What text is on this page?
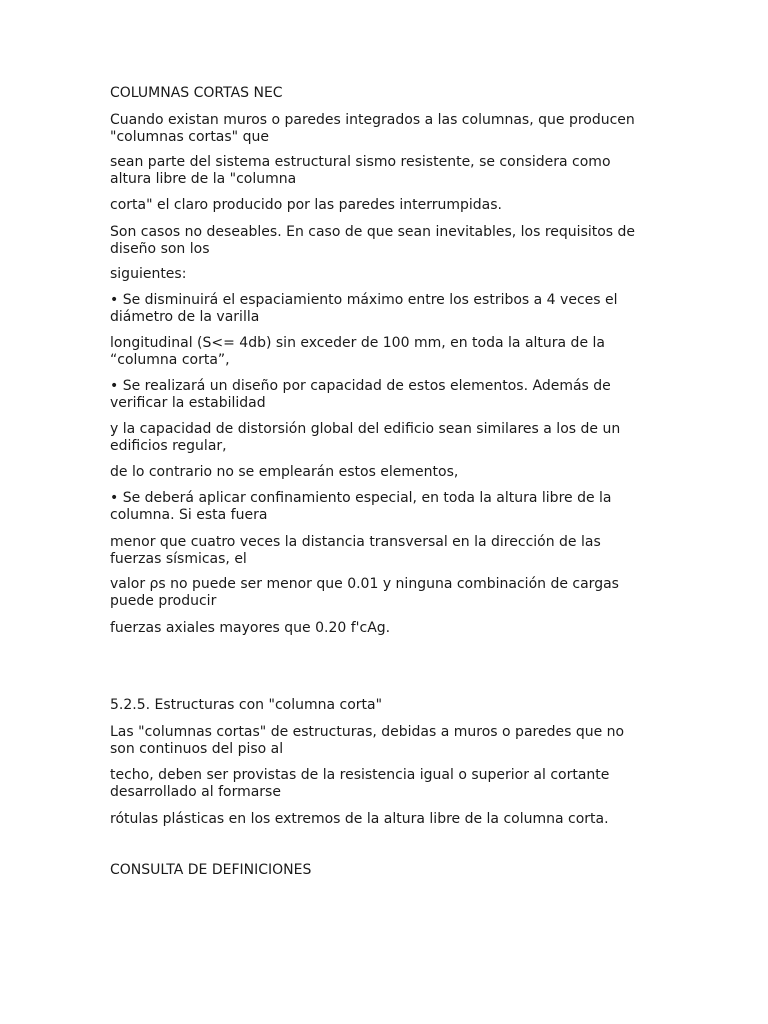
COLUMNAS CORTAS NEC

Cuando existan muros o paredes integrados a las columnas, que producen "columnas cortas" que

sean parte del sistema estructural sismo resistente, se considera como altura libre de la "columna

corta" el claro producido por las paredes interrumpidas.

Son casos no deseables. En caso de que sean inevitables, los requisitos de diseño son los

siguientes:

• Se disminuirá el espaciamiento máximo entre los estribos a 4 veces el diámetro de la varilla

longitudinal (S<= 4db) sin exceder de 100 mm, en toda la altura de la “columna corta”,

• Se realizará un diseño por capacidad de estos elementos. Además de verificar la estabilidad

y la capacidad de distorsión global del edificio sean similares a los de un edificios regular,

de lo contrario no se emplearán estos elementos,

• Se deberá aplicar confinamiento especial, en toda la altura libre de la columna. Si esta fuera

menor que cuatro veces la distancia transversal en la dirección de las fuerzas sísmicas, el

valor ρs no puede ser menor que 0.01 y ninguna combinación de cargas puede producir

fuerzas axiales mayores que 0.20 f'cAg.

5.2.5. Estructuras con "columna corta"

Las "columnas cortas" de estructuras, debidas a muros o paredes que no son continuos del piso al

techo, deben ser provistas de la resistencia igual o superior al cortante desarrollado al formarse

rótulas plásticas en los extremos de la altura libre de la columna corta.

CONSULTA DE DEFINICIONES
